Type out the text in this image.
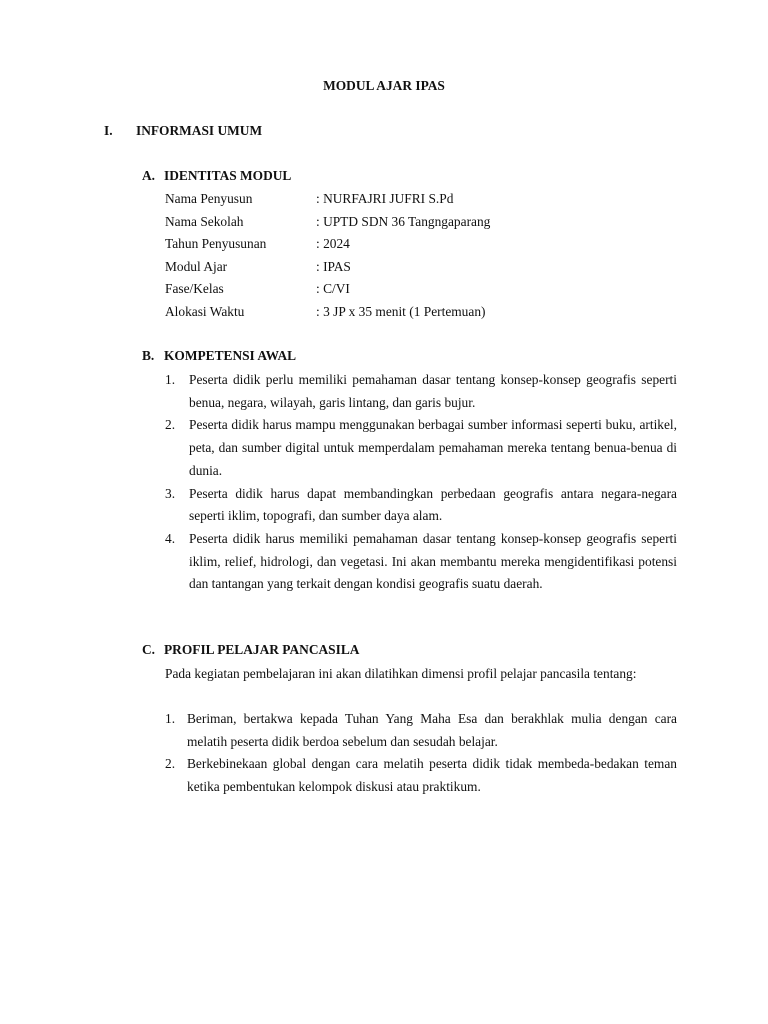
MODUL AJAR IPAS
I. INFORMASI UMUM
A. IDENTITAS MODUL
Nama Penyusun	: NURFAJRI JUFRI S.Pd
Nama Sekolah	: UPTD SDN 36 Tangngaparang
Tahun Penyusunan	: 2024
Modul Ajar	: IPAS
Fase/Kelas	: C/VI
Alokasi Waktu	: 3 JP x 35 menit (1 Pertemuan)
B. KOMPETENSI AWAL
1. Peserta didik perlu memiliki pemahaman dasar tentang konsep-konsep geografis seperti benua, negara, wilayah, garis lintang, dan garis bujur.
2. Peserta didik harus mampu menggunakan berbagai sumber informasi seperti buku, artikel, peta, dan sumber digital untuk memperdalam pemahaman mereka tentang benua-benua di dunia.
3. Peserta didik harus dapat membandingkan perbedaan geografis antara negara-negara seperti iklim, topografi, dan sumber daya alam.
4. Peserta didik harus memiliki pemahaman dasar tentang konsep-konsep geografis seperti iklim, relief, hidrologi, dan vegetasi. Ini akan membantu mereka mengidentifikasi potensi dan tantangan yang terkait dengan kondisi geografis suatu daerah.
C. PROFIL PELAJAR PANCASILA
Pada kegiatan pembelajaran ini akan dilatihkan dimensi profil pelajar pancasila tentang:
1. Beriman, bertakwa kepada Tuhan Yang Maha Esa dan berakhlak mulia dengan cara melatih peserta didik berdoa sebelum dan sesudah belajar.
2. Berkebinekaan global dengan cara melatih peserta didik tidak membeda-bedakan teman ketika pembentukan kelompok diskusi atau praktikum.
